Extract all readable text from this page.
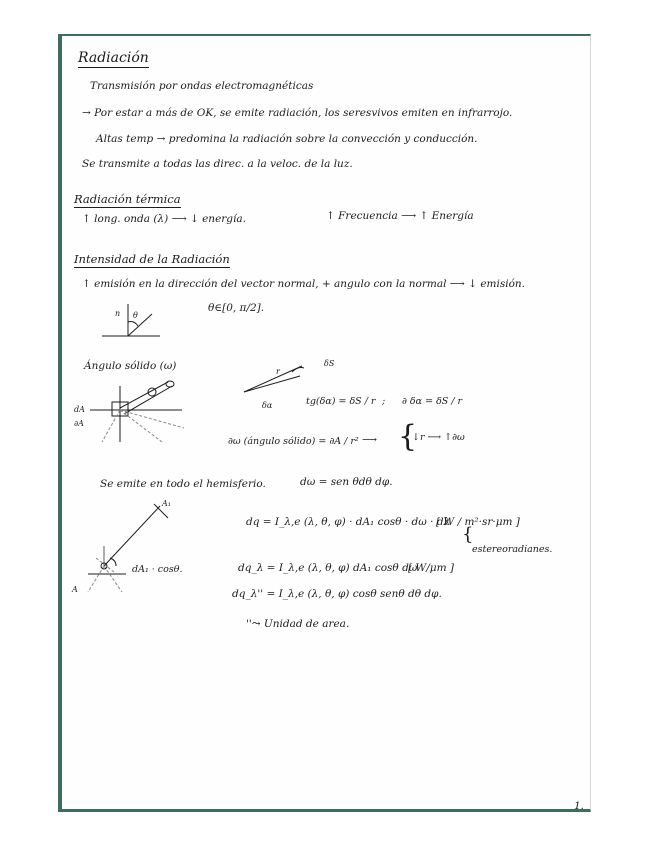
Radiación
Transmisión por ondas electromagnéticas
→ Por estar a más de OK, se emite radiación, los seresvivos emiten en infrarrojo.
Altas temp → predomina la radiación sobre la convección y conducción.
Se transmite a todas las direc. a la veloc. de la luz.
Radiación térmica
↑ long. onda (λ) ⟶ ↓ energía.	↑ Frecuencia ⟶ ↑ Energía
Intensidad de la Radiación
↑ emisión en la dirección del vector normal, + angulo con la normal ⟶ ↓ emisión.
n θ
θ∈[0, π/2].
Ángulo sólido (ω)
dA
∂A
r
δS
δα	tg(δα) = δS / r ; ∂ δα = δS / r
∂ω (ángulo sólido) = ∂A / r² ⟶ {
↓r ⟶ ↑∂ω
Se emite en todo el hemisferio.	dω = sen θdθ dφ.
A₁
A
dA₁ · cosθ.
dq = I_λ,e (λ, θ, φ) · dA₁ cosθ · dω · dλ
[ W / m²·sr·μm ]
{
estereoradianes.
dq_λ = I_λ,e (λ, θ, φ) dA₁ cosθ dω
[ W/μm ]
dq_λ'' = I_λ,e (λ, θ, φ) cosθ senθ dθ dφ.
''⤳ Unidad de area.
1.
